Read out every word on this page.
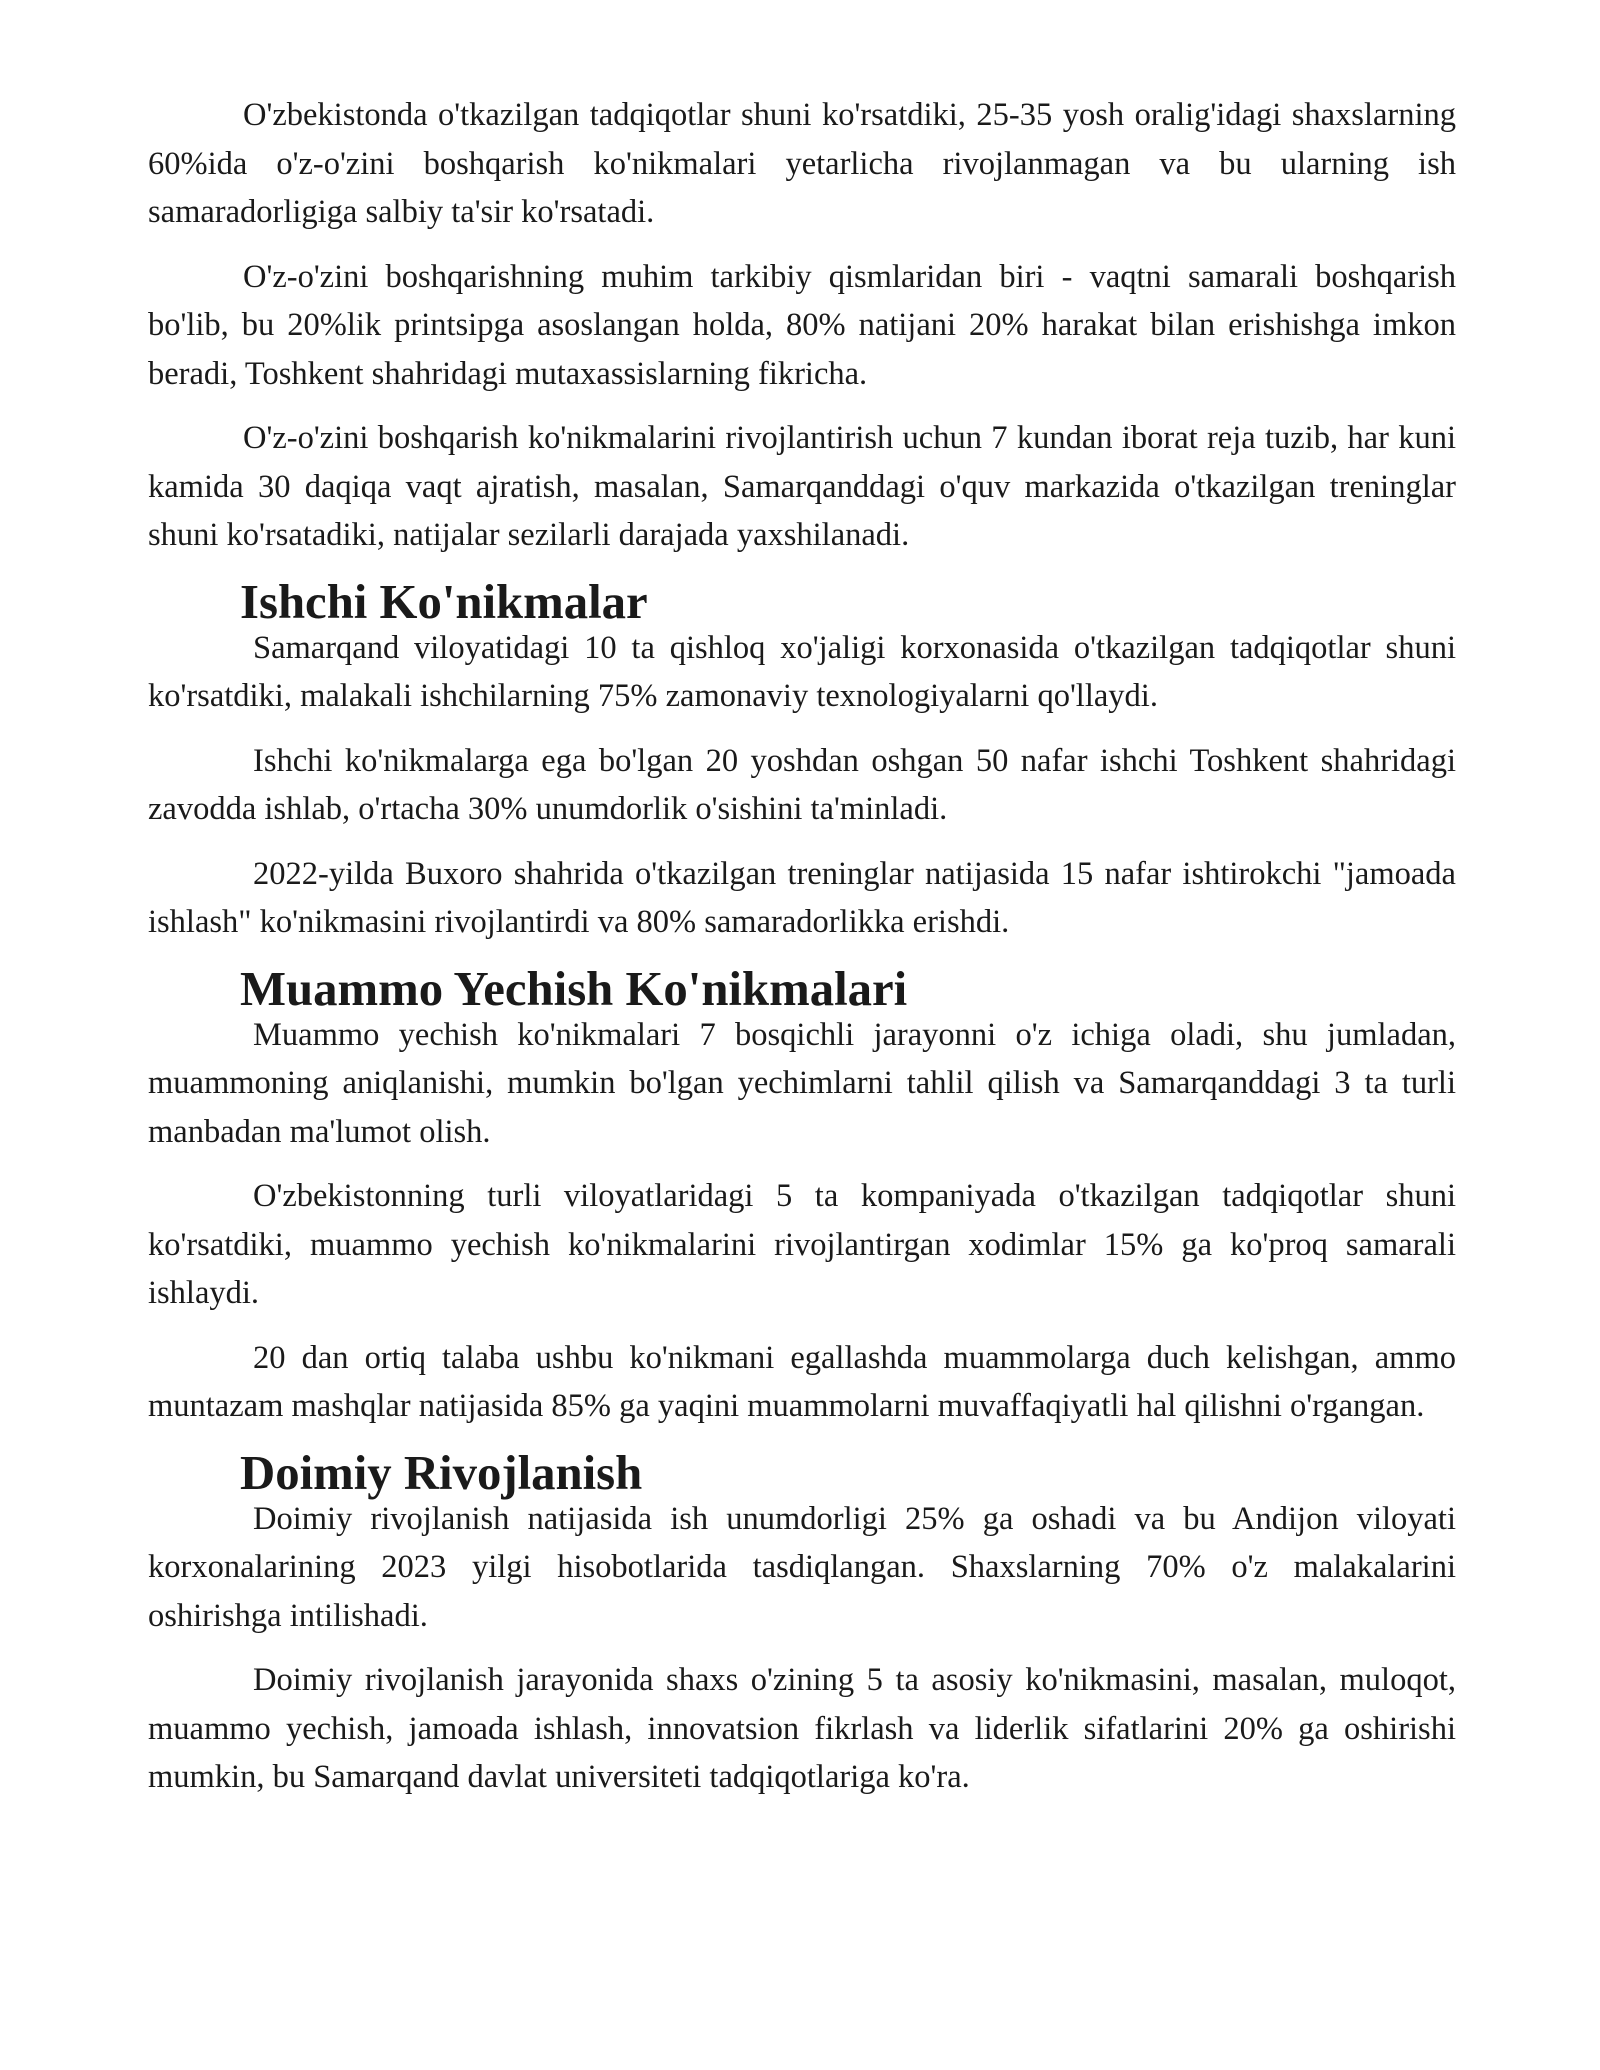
O'zbekistonda o'tkazilgan tadqiqotlar shuni ko'rsatdiki, 25-35 yosh oralig'idagi shaxslarning 60%ida o'z-o'zini boshqarish ko'nikmalari yetarlicha rivojlanmagan va bu ularning ish samaradorligiga salbiy ta'sir ko'rsatadi.

O'z-o'zini boshqarishning muhim tarkibiy qismlaridan biri - vaqtni samarali boshqarish bo'lib, bu 20%lik printsipga asoslangan holda, 80% natijani 20% harakat bilan erishishga imkon beradi, Toshkent shahridagi mutaxassislarning fikricha.

O'z-o'zini boshqarish ko'nikmalarini rivojlantirish uchun 7 kundan iborat reja tuzib, har kuni kamida 30 daqiqa vaqt ajratish, masalan, Samarqanddagi o'quv markazida o'tkazilgan treninglar shuni ko'rsatadiki, natijalar sezilarli darajada yaxshilanadi.

Ishchi Ko'nikmalar

Samarqand viloyatidagi 10 ta qishloq xo'jaligi korxonasida o'tkazilgan tadqiqotlar shuni ko'rsatdiki, malakali ishchilarning 75% zamonaviy texnologiyalarni qo'llaydi.

Ishchi ko'nikmalarga ega bo'lgan 20 yoshdan oshgan 50 nafar ishchi Toshkent shahridagi zavodda ishlab, o'rtacha 30% unumdorlik o'sishini ta'minladi.

2022-yilda Buxoro shahrida o'tkazilgan treninglar natijasida 15 nafar ishtirokchi "jamoada ishlash" ko'nikmasini rivojlantirdi va 80% samaradorlikka erishdi.

Muammo Yechish Ko'nikmalari

Muammo yechish ko'nikmalari 7 bosqichli jarayonni o'z ichiga oladi, shu jumladan, muammoning aniqlanishi, mumkin bo'lgan yechimlarni tahlil qilish va Samarqanddagi 3 ta turli manbadan ma'lumot olish.

O'zbekistonning turli viloyatlaridagi 5 ta kompaniyada o'tkazilgan tadqiqotlar shuni ko'rsatdiki, muammo yechish ko'nikmalarini rivojlantirgan xodimlar 15% ga ko'proq samarali ishlaydi.

20 dan ortiq talaba ushbu ko'nikmani egallashda muammolarga duch kelishgan, ammo muntazam mashqlar natijasida 85% ga yaqini muammolarni muvaffaqiyatli hal qilishni o'rgangan.

Doimiy Rivojlanish

Doimiy rivojlanish natijasida ish unumdorligi 25% ga oshadi va bu Andijon viloyati korxonalarining 2023 yilgi hisobotlarida tasdiqlangan. Shaxslarning 70% o'z malakalarini oshirishga intilishadi.

Doimiy rivojlanish jarayonida shaxs o'zining 5 ta asosiy ko'nikmasini, masalan, muloqot, muammo yechish, jamoada ishlash, innovatsion fikrlash va liderlik sifatlarini 20% ga oshirishi mumkin, bu Samarqand davlat universiteti tadqiqotlariga ko'ra.
